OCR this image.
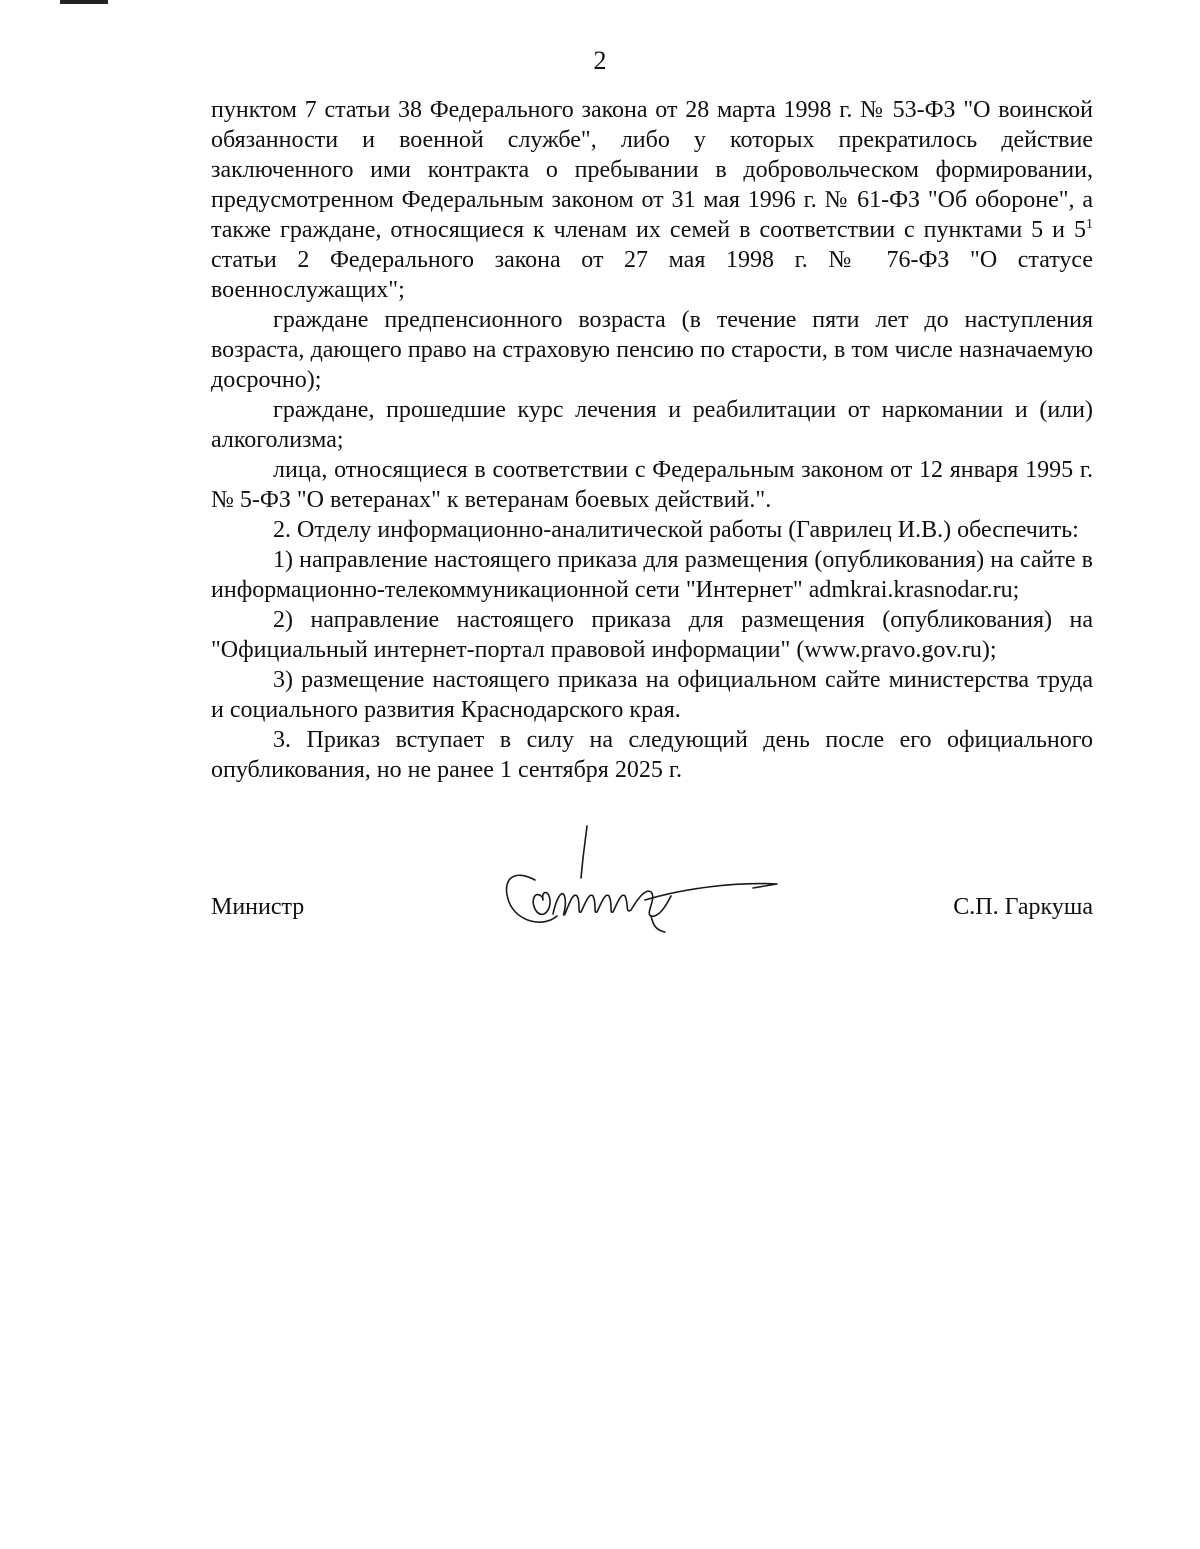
2

пунктом 7 статьи 38 Федерального закона от 28 марта 1998 г. № 53-ФЗ "О воинской обязанности и военной службе", либо у которых прекратилось действие заключенного ими контракта о пребывании в добровольческом формировании, предусмотренном Федеральным законом от 31 мая 1996 г. № 61-ФЗ "Об обороне", а также граждане, относящиеся к членам их семей в соответствии с пунктами 5 и $5^1$ статьи 2 Федерального закона от 27 мая 1998 г. № 76-ФЗ "О статусе военнослужащих";

граждане предпенсионного возраста (в течение пяти лет до наступления возраста, дающего право на страховую пенсию по старости, в том числе назначаемую досрочно);

граждане, прошедшие курс лечения и реабилитации от наркомании и (или) алкоголизма;

лица, относящиеся в соответствии с Федеральным законом от 12 января 1995 г. № 5-ФЗ "О ветеранах" к ветеранам боевых действий.".

2. Отделу информационно-аналитической работы (Гаврилец И.В.) обеспечить:

1) направление настоящего приказа для размещения (опубликования) на сайте в информационно-телекоммуникационной сети "Интернет" admkrai.krasnodar.ru;

2) направление настоящего приказа для размещения (опубликования) на "Официальный интернет-портал правовой информации" (www.pravo.gov.ru);

3) размещение настоящего приказа на официальном сайте министерства труда и социального развития Краснодарского края.

3. Приказ вступает в силу на следующий день после его официального опубликования, но не ранее 1 сентября 2025 г.

Министр	С.П. Гаркуша
